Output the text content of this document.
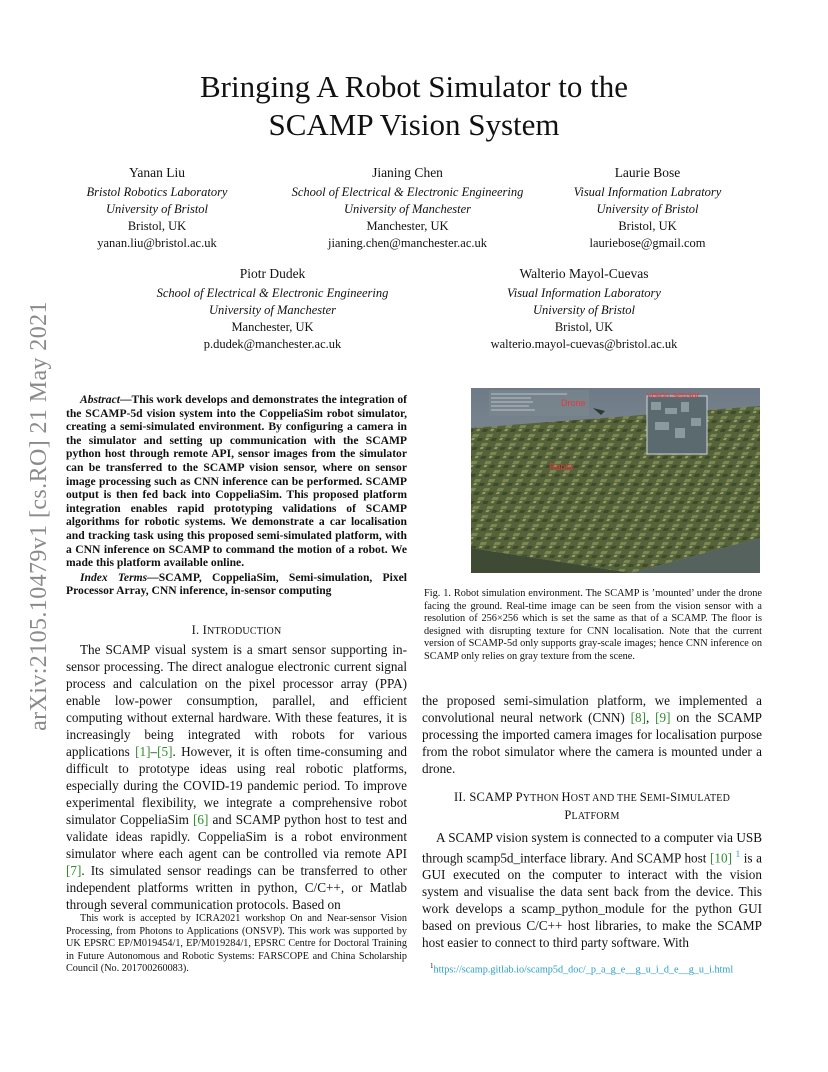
Bringing A Robot Simulator to the
SCAMP Vision System
Yanan Liu
Bristol Robotics Laboratory
University of Bristol
Bristol, UK
yanan.liu@bristol.ac.uk
Jianing Chen
School of Electrical & Electronic Engineering
University of Manchester
Manchester, UK
jianing.chen@manchester.ac.uk
Laurie Bose
Visual Information Labratory
University of Bristol
Bristol, UK
lauriebose@gmail.com
Piotr Dudek
School of Electrical & Electronic Engineering
University of Manchester
Manchester, UK
p.dudek@manchester.ac.uk
Walterio Mayol-Cuevas
Visual Information Laboratory
University of Bristol
Bristol, UK
walterio.mayol-cuevas@bristol.ac.uk
arXiv:2105.10479v1 [cs.RO] 21 May 2021	Abstract—This work develops and demonstrates the integration of the SCAMP-5d vision system into the CoppeliaSim robot simulator, creating a semi-simulated environment. By configuring a camera in the simulator and setting up communication with the SCAMP python host through remote API, sensor images from the simulator can be transferred to the SCAMP vision sensor, where on sensor image processing such as CNN inference can be performed. SCAMP output is then fed back into CoppeliaSim. This proposed platform integration enables rapid prototyping validations of SCAMP algorithms for robotic systems. We demonstrate a car localisation and tracking task using this proposed semi-simulated platform, with a CNN inference on SCAMP to command the motion of a robot. We made this platform available online.

Index Terms—SCAMP, CoppeliaSim, Semi-simulation, Pixel Processor Array, CNN inference, in-sensor computing

I. INTRODUCTION

The SCAMP visual system is a smart sensor supporting in-sensor processing. The direct analogue electronic current signal process and calculation on the pixel processor array (PPA) enable low-power consumption, parallel, and efficient computing without external hardware. With these features, it is increasingly being integrated with robots for various applications [1]–[5]. However, it is often time-consuming and difficult to prototype ideas using real robotic platforms, especially during the COVID-19 pandemic period. To improve experimental flexibility, we integrate a comprehensive robot simulator CoppeliaSim [6] and SCAMP python host to test and validate ideas rapidly. CoppeliaSim is a robot environment simulator where each agent can be controlled via remote API [7]. Its simulated sensor readings can be transferred to other independent platforms written in python, C/C++, or Matlab through several communication protocols. Based on

This work is accepted by ICRA2021 workshop On and Near-sensor Vision Processing, from Photons to Applications (ONSVP). This work was supported by UK EPSRC EP/M019454/1, EP/M019284/1, EPSRC Centre for Doctoral Training in Future Autonomous and Robotic Systems: FARSCOPE and China Scholarship Council (No. 201700260083).

vision sensor
Drone
Robot
Fig. 1. Robot simulation environment. The SCAMP is ’mounted’ under the drone facing the ground. Real-time image can be seen from the vision sensor with a resolution of 256×256 which is set the same as that of a SCAMP. The floor is designed with disrupting texture for CNN localisation. Note that the current version of SCAMP-5d only supports gray-scale images; hence CNN inference on SCAMP only relies on gray texture from the scene.

the proposed semi-simulation platform, we implemented a convolutional neural network (CNN) [8], [9] on the SCAMP processing the imported camera images for localisation purpose from the robot simulator where the camera is mounted under a drone.

II. SCAMP PYTHON HOST AND THE SEMI-SIMULATED
PLATFORM

A SCAMP vision system is connected to a computer via USB through scamp5d_interface library. And SCAMP host [10] $^1$ is a GUI executed on the computer to interact with the vision system and visualise the data sent back from the device. This work develops a scamp_python_module for the python GUI based on previous C/C++ host libraries, to make the SCAMP host easier to connect to third party software. With

$^1$https://scamp.gitlab.io/scamp5d_doc/_p_a_g_e__g_u_i_d_e__g_u_i.html
